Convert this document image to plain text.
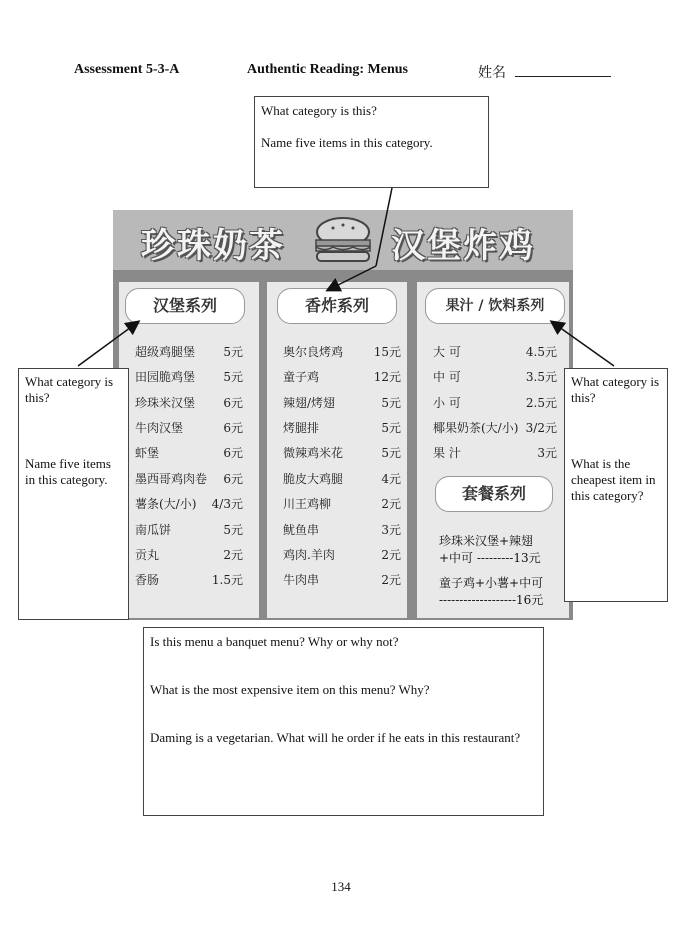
Assessment 5-3-A	Authentic Reading: Menus	姓名

What category is this?

Name five items in this category.

珍珠奶茶	汉堡炸鸡
汉堡系列	香炸系列	果汁 / 饮料系列
超级鸡腿堡 5元
田园脆鸡堡 5元
珍珠米汉堡 6元
牛肉汉堡	6元
虾堡	6元
墨西哥鸡肉卷 6元
薯条(大/小) 4/3元
南瓜饼	5元
贡丸	2元
香肠	1.5元
奥尔良烤鸡	15元
童子鸡	12元
辣翅/烤翅	5元
烤腿排	5元
微辣鸡米花	5元
脆皮大鸡腿	4元
川王鸡柳	2元
鱿鱼串	3元
鸡肉.羊肉	2元
牛肉串	2元
大 可	4.5元
中 可	3.5元
小 可	2.5元
椰果奶茶(大/小) 3/2元
果 汁	3元
套餐系列
珍珠米汉堡+辣翅
+中可 ---------13元
童子鸡+小薯+中可
-------------------16元

What category is this?

Name five items in this category.

What category is this?

What is the cheapest item in this category?

Is this menu a banquet menu? Why or why not?

What is the most expensive item on this menu? Why?

Daming is a vegetarian. What will he order if he eats in this restaurant?

134
